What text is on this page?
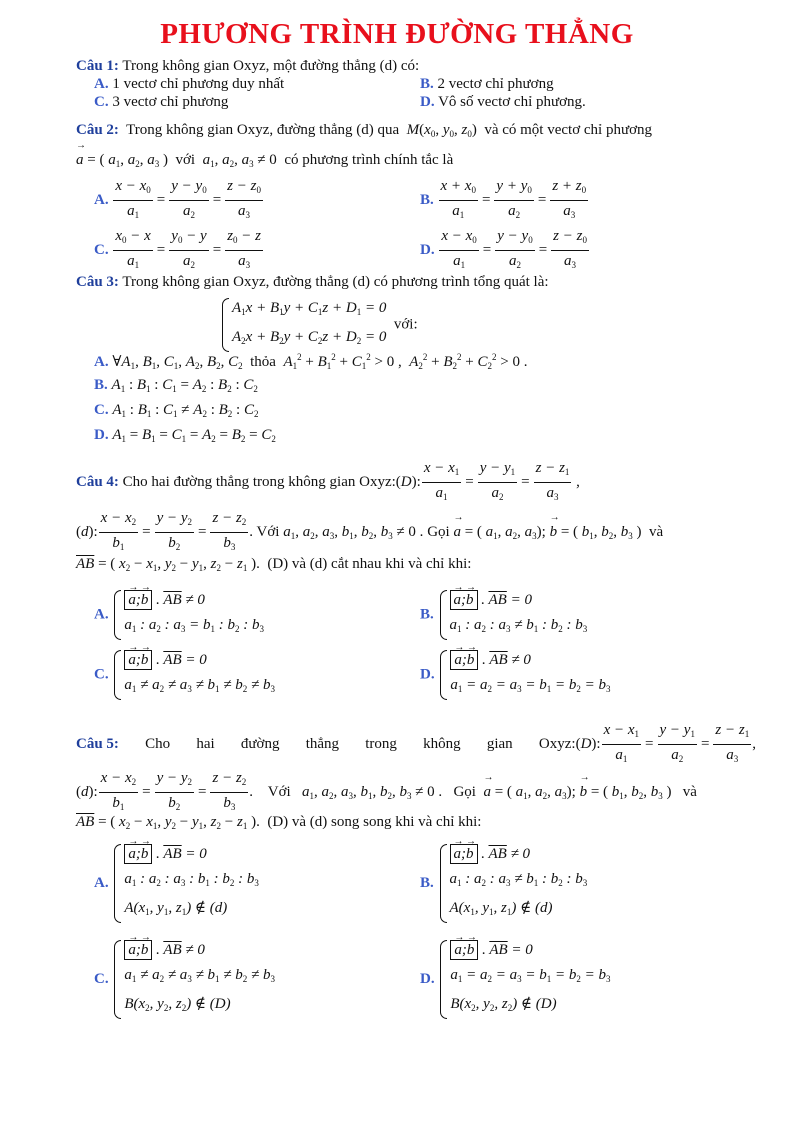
PHƯƠNG TRÌNH ĐƯỜNG THẲNG
Câu 1: Trong không gian Oxyz, một đường thẳng (d) có:
A. 1 vectơ chỉ phương duy nhất	B. 2 vectơ chỉ phương
C. 3 vectơ chỉ phương	D. Vô số vectơ chỉ phương.
Câu 2: Trong không gian Oxyz, đường thẳng (d) qua $M(x_0$, $y_0$, $z_0$)  và có một vectơ chỉ phương
→ a = ( $a_1$, $a_2$, $a_3$ )  với $a_1$, $a_2$, $a_3 \ne 0$  có phương trình chính tắc là
A. $\frac{x - x_0}{a_1} = \frac{y - y_0}{a_2} = \frac{z - z_0}{a_3}$	B. $\frac{x + x_0}{a_1} = \frac{y + y_0}{a_2} = \frac{z + z_0}{a_3}$
C. $\frac{x_0 - x}{a_1} = \frac{y_0 - y}{a_2} = \frac{z_0 - z}{a_3}$	D. $\frac{x - x_0}{a_1} = \frac{y - y_0}{a_2} = \frac{z - z_0}{a_3}$
Câu 3: Trong không gian Oxyz, đường thẳng (d) có phương trình tổng quát là:
$A_1x + B_1y + C_1z + D_1 = 0$
$A_2x + B_2y + C_2z + D_2 = 0$
với:
A. $\forall A_1$, $B_1$, $C_1$, $A_2$, $B_2$, $C_2$ thỏa $A_1^2 + B_1^2 + C_1^2 > 0$ ,  $A_2^2 + B_2^2 + C_2^2 > 0$ .
B. $A_1$ : $B_1$ : $C_1 = A_2$ : $B_2$ : $C_2$
C. $A_1$ : $B_1$ : $C_1 \ne A_2$ : $B_2$ : $C_2$
D. $A_1 = B_1 = C_1 = A_2 = B_2 = C_2$
Câu 4: Cho hai đường thẳng trong không gian Oxyz:(D): $\frac{x - x_1}{a_1} = \frac{y - y_1}{a_2} = \frac{z - z_1}{a_3}$ ,
(d): $\frac{x - x_2}{b_1} = \frac{y - y_2}{b_2} = \frac{z - z_2}{b_3}$ . Với $a_1$, $a_2$, $a_3$, $b_1$, $b_2$, $b_3 \ne 0$ . Gọi → a = ( $a_1$, $a_2$, $a_3$); → b = ( $b_1$, $b_2$, $b_3$ )  và
$\overline{AB}$ = ( $x_2 - x_1$, $y_2 - y_1$, $z_2 - z_1$ ).  (D) và (d) cắt nhau khi và chỉ khi:
A.
→ a;→ b . $\overline{AB} \ne 0$
$a_1$ : $a_2$ : $a_3 = b_1$ : $b_2$ : $b_3$
B.
→ a;→ b . $\overline{AB} = 0$
$a_1$ : $a_2$ : $a_3 \ne b_1$ : $b_2$ : $b_3$
C.
→ a;→ b . $\overline{AB} = 0$
$a_1 \ne a_2 \ne a_3 \ne b_1 \ne b_2 \ne b_3$
D.
→ a;→ b . $\overline{AB} \ne 0$
$a_1 = a_2 = a_3 = b_1 = b_2 = b_3$
Câu 5: Cho hai đường thẳng trong không gian Oxyz:(D): $\frac{x - x_1}{a_1} = \frac{y - y_1}{a_2} = \frac{z - z_1}{a_3}$ ,
(d): $\frac{x - x_2}{b_1} = \frac{y - y_2}{b_2} = \frac{z - z_2}{b_3}$ .    Với $a_1$, $a_2$, $a_3$, $b_1$, $b_2$, $b_3 \ne 0$ .   Gọi → a = ( $a_1$, $a_2$, $a_3$); → b = ( $b_1$, $b_2$, $b_3$ )   và
$\overline{AB}$ = ( $x_2 - x_1$, $y_2 - y_1$, $z_2 - z_1$ ).  (D) và (d) song song khi và chỉ khi:
A.
→ a;→ b . $\overline{AB} = 0$
$a_1$ : $a_2$ : $a_3$ : $b_1$ : $b_2$ : $b_3$
$A(x_1$, $y_1$, $z_1$) ∉ (d)
B.
→ a;→ b . $\overline{AB} \ne 0$
$a_1$ : $a_2$ : $a_3 \ne b_1$ : $b_2$ : $b_3$
$A(x_1$, $y_1$, $z_1$) ∉ (d)
C.
→ a;→ b . $\overline{AB} \ne 0$
$a_1 \ne a_2 \ne a_3 \ne b_1 \ne b_2 \ne b_3$
$B(x_2$, $y_2$, $z_2$) ∉ (D)
D.
→ a;→ b . $\overline{AB} = 0$
$a_1 = a_2 = a_3 = b_1 = b_2 = b_3$
$B(x_2$, $y_2$, $z_2$) ∉ (D)
